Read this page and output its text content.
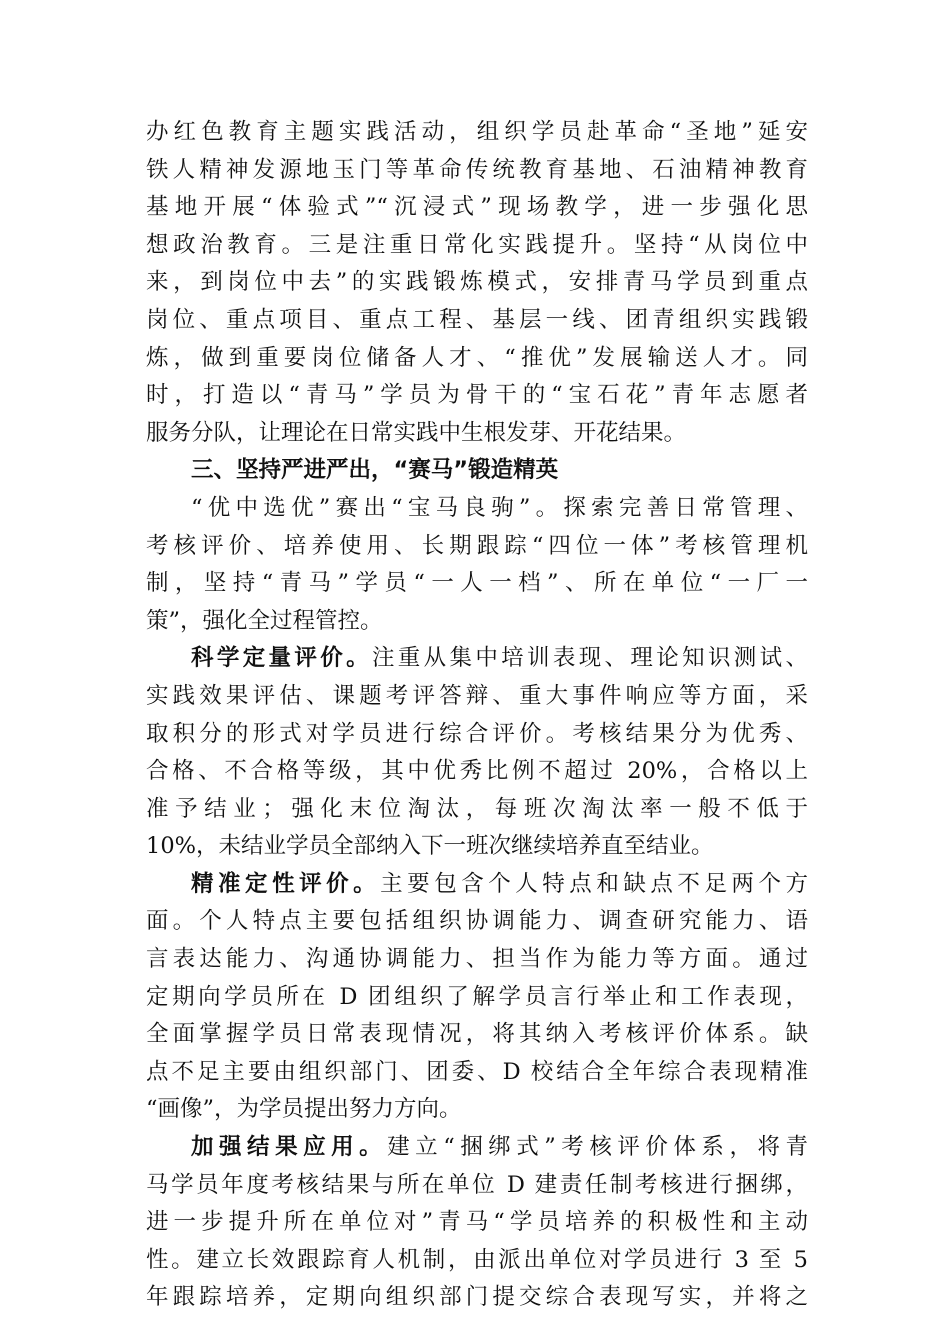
办红色教育主题实践活动，组织学员赴革命“圣地”延安
铁人精神发源地玉门等革命传统教育基地、石油精神教育
基地开展“体验式”“沉浸式”现场教学，进一步强化思
想政治教育。三是注重日常化实践提升。坚持“从岗位中
来，到岗位中去”的实践锻炼模式，安排青马学员到重点
岗位、重点项目、重点工程、基层一线、团青组织实践锻
炼，做到重要岗位储备人才、“推优”发展输送人才。同
时，打造以“青马”学员为骨干的“宝石花”青年志愿者
服务分队，让理论在日常实践中生根发芽、开花结果。
三、坚持严进严出，“赛马”锻造精英
“优中选优”赛出“宝马良驹”。探索完善日常管理、
考核评价、培养使用、长期跟踪“四位一体”考核管理机
制，坚持“青马”学员“一人一档”、所在单位“一厂一
策”，强化全过程管控。
科学定量评价。注重从集中培训表现、理论知识测试、
实践效果评估、课题考评答辩、重大事件响应等方面，采
取积分的形式对学员进行综合评价。考核结果分为优秀、
合格、不合格等级，其中优秀比例不超过 20%，合格以上
准予结业；强化末位淘汰，每班次淘汰率一般不低于
10%，未结业学员全部纳入下一班次继续培养直至结业。
精准定性评价。主要包含个人特点和缺点不足两个方
面。个人特点主要包括组织协调能力、调查研究能力、语
言表达能力、沟通协调能力、担当作为能力等方面。通过
定期向学员所在 D 团组织了解学员言行举止和工作表现，
全面掌握学员日常表现情况，将其纳入考核评价体系。缺
点不足主要由组织部门、团委、D 校结合全年综合表现精准
“画像”，为学员提出努力方向。
加强结果应用。建立“捆绑式”考核评价体系，将青
马学员年度考核结果与所在单位 D 建责任制考核进行捆绑，
进一步提升所在单位对”青马“学员培养的积极性和主动
性。建立长效跟踪育人机制，由派出单位对学员进行 3 至 5
年跟踪培养，定期向组织部门提交综合表现写实，并将之
